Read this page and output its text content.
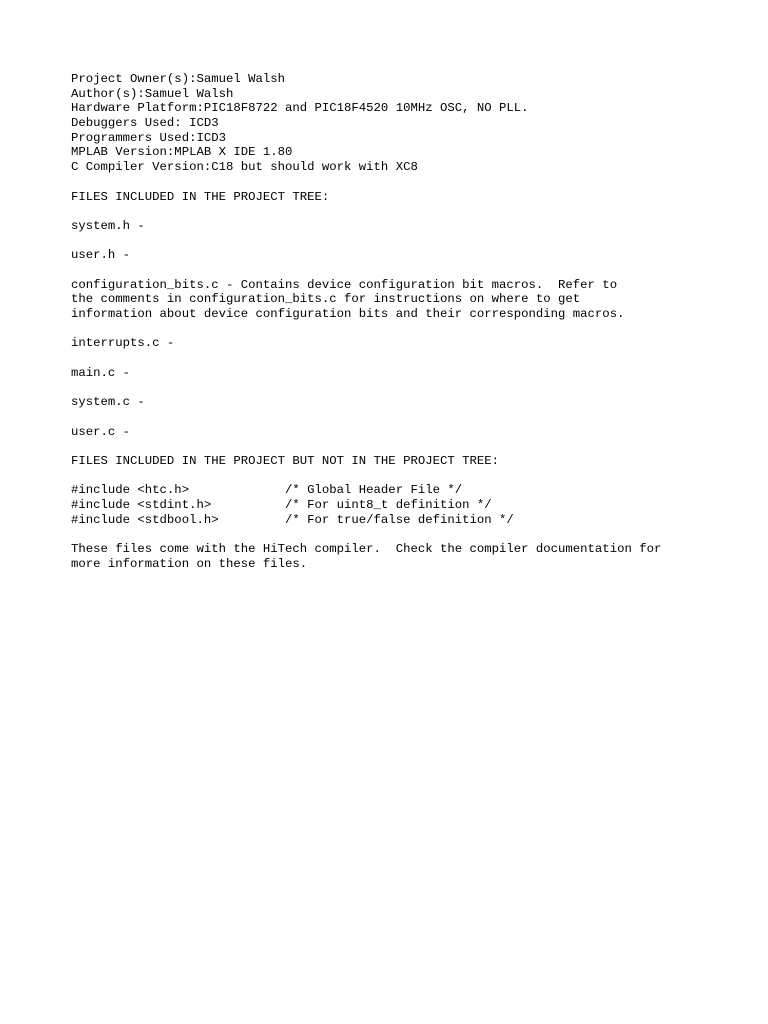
Project Owner(s):Samuel Walsh
Author(s):Samuel Walsh
Hardware Platform:PIC18F8722 and PIC18F4520 10MHz OSC, NO PLL.
Debuggers Used: ICD3
Programmers Used:ICD3
MPLAB Version:MPLAB X IDE 1.80
C Compiler Version:C18 but should work with XC8
FILES INCLUDED IN THE PROJECT TREE:
system.h -
user.h -
configuration_bits.c - Contains device configuration bit macros.  Refer to
the comments in configuration_bits.c for instructions on where to get
information about device configuration bits and their corresponding macros.
interrupts.c -
main.c -
system.c -
user.c -
FILES INCLUDED IN THE PROJECT BUT NOT IN THE PROJECT TREE:
#include <htc.h>             /* Global Header File */
#include <stdint.h>          /* For uint8_t definition */
#include <stdbool.h>         /* For true/false definition */
These files come with the HiTech compiler.  Check the compiler documentation for
more information on these files.
